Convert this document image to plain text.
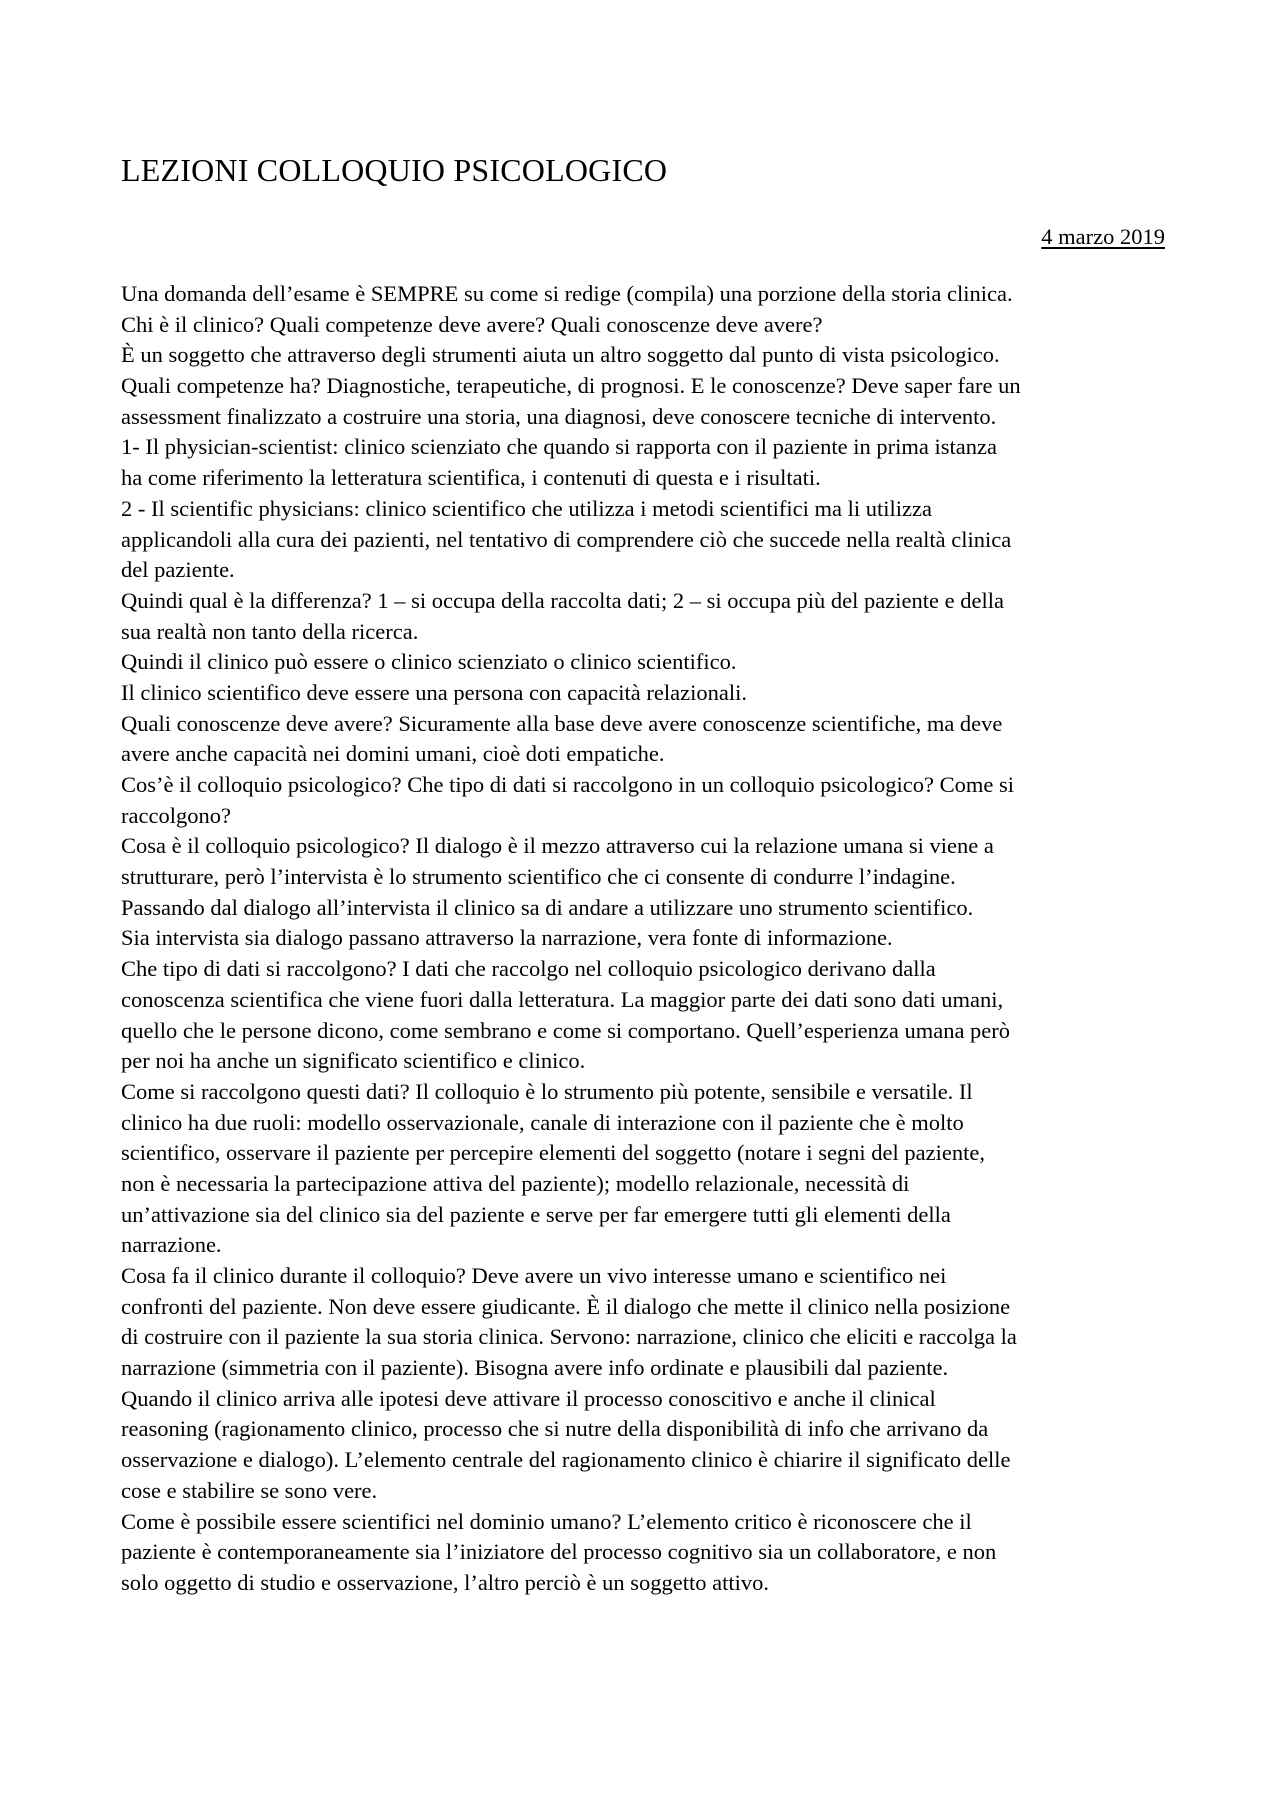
LEZIONI COLLOQUIO PSICOLOGICO
4 marzo 2019
Una domanda dell’esame è SEMPRE su come si redige (compila) una porzione della storia clinica.
Chi è il clinico? Quali competenze deve avere? Quali conoscenze deve avere?
È un soggetto che attraverso degli strumenti aiuta un altro soggetto dal punto di vista psicologico.
Quali competenze ha? Diagnostiche, terapeutiche, di prognosi. E le conoscenze? Deve saper fare un
assessment finalizzato a costruire una storia, una diagnosi, deve conoscere tecniche di intervento.
1- Il physician-scientist: clinico scienziato che quando si rapporta con il paziente in prima istanza
ha come riferimento la letteratura scientifica, i contenuti di questa e i risultati.
2 - Il scientific physicians: clinico scientifico che utilizza i metodi scientifici ma li utilizza
applicandoli alla cura dei pazienti, nel tentativo di comprendere ciò che succede nella realtà clinica
del paziente.
Quindi qual è la differenza? 1 – si occupa della raccolta dati; 2 – si occupa più del paziente e della
sua realtà non tanto della ricerca.
Quindi il clinico può essere o clinico scienziato o clinico scientifico.
Il clinico scientifico deve essere una persona con capacità relazionali.
Quali conoscenze deve avere? Sicuramente alla base deve avere conoscenze scientifiche, ma deve
avere anche capacità nei domini umani, cioè doti empatiche.
Cos’è il colloquio psicologico? Che tipo di dati si raccolgono in un colloquio psicologico? Come si
raccolgono?
Cosa è il colloquio psicologico? Il dialogo è il mezzo attraverso cui la relazione umana si viene a
strutturare, però l’intervista è lo strumento scientifico che ci consente di condurre l’indagine.
Passando dal dialogo all’intervista il clinico sa di andare a utilizzare uno strumento scientifico.
Sia intervista sia dialogo passano attraverso la narrazione, vera fonte di informazione.
Che tipo di dati si raccolgono? I dati che raccolgo nel colloquio psicologico derivano dalla
conoscenza scientifica che viene fuori dalla letteratura. La maggior parte dei dati sono dati umani,
quello che le persone dicono, come sembrano e come si comportano. Quell’esperienza umana però
per noi ha anche un significato scientifico e clinico.
Come si raccolgono questi dati? Il colloquio è lo strumento più potente, sensibile e versatile. Il
clinico ha due ruoli: modello osservazionale, canale di interazione con il paziente che è molto
scientifico, osservare il paziente per percepire elementi del soggetto (notare i segni del paziente,
non è necessaria la partecipazione attiva del paziente); modello relazionale, necessità di
un’attivazione sia del clinico sia del paziente e serve per far emergere tutti gli elementi della
narrazione.
Cosa fa il clinico durante il colloquio? Deve avere un vivo interesse umano e scientifico nei
confronti del paziente. Non deve essere giudicante. È il dialogo che mette il clinico nella posizione
di costruire con il paziente la sua storia clinica. Servono: narrazione, clinico che eliciti e raccolga la
narrazione (simmetria con il paziente). Bisogna avere info ordinate e plausibili dal paziente.
Quando il clinico arriva alle ipotesi deve attivare il processo conoscitivo e anche il clinical
reasoning (ragionamento clinico, processo che si nutre della disponibilità di info che arrivano da
osservazione e dialogo). L’elemento centrale del ragionamento clinico è chiarire il significato delle
cose e stabilire se sono vere.
Come è possibile essere scientifici nel dominio umano? L’elemento critico è riconoscere che il
paziente è contemporaneamente sia l’iniziatore del processo cognitivo sia un collaboratore, e non
solo oggetto di studio e osservazione, l’altro perciò è un soggetto attivo.
